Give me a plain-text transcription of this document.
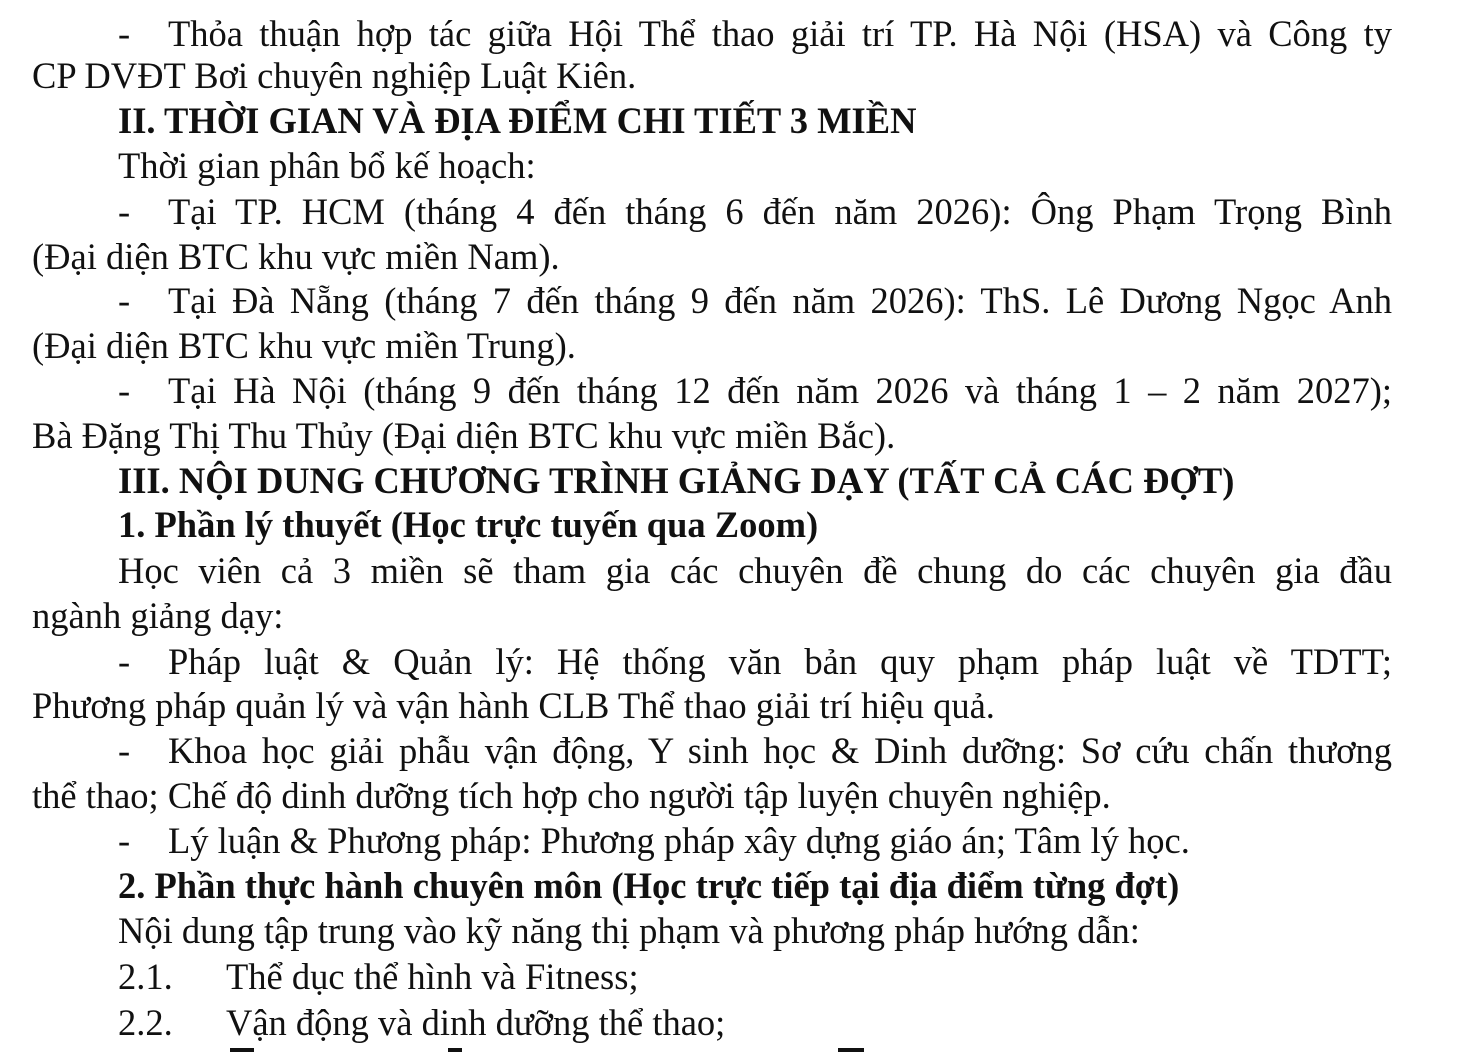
- Thỏa thuận hợp tác giữa Hội Thể thao giải trí TP. Hà Nội (HSA) và Công ty
CP DVĐT Bơi chuyên nghiệp Luật Kiên.
II. THỜI GIAN VÀ ĐỊA ĐIỂM CHI TIẾT 3 MIỀN
Thời gian phân bổ kế hoạch:
- Tại TP. HCM (tháng 4 đến tháng 6 đến năm 2026): Ông Phạm Trọng Bình
(Đại diện BTC khu vực miền Nam).
- Tại Đà Nẵng (tháng 7 đến tháng 9 đến năm 2026): ThS. Lê Dương Ngọc Anh
(Đại diện BTC khu vực miền Trung).
- Tại Hà Nội (tháng 9 đến tháng 12 đến năm 2026 và tháng 1 – 2 năm 2027);
Bà Đặng Thị Thu Thủy (Đại diện BTC khu vực miền Bắc).
III. NỘI DUNG CHƯƠNG TRÌNH GIẢNG DẠY (TẤT CẢ CÁC ĐỢT)
1. Phần lý thuyết (Học trực tuyến qua Zoom)
Học viên cả 3 miền sẽ tham gia các chuyên đề chung do các chuyên gia đầu
ngành giảng dạy:
- Pháp luật & Quản lý: Hệ thống văn bản quy phạm pháp luật về TDTT;
Phương pháp quản lý và vận hành CLB Thể thao giải trí hiệu quả.
- Khoa học giải phẫu vận động, Y sinh học & Dinh dưỡng: Sơ cứu chấn thương
thể thao; Chế độ dinh dưỡng tích hợp cho người tập luyện chuyên nghiệp.
- Lý luận & Phương pháp: Phương pháp xây dựng giáo án; Tâm lý học.
2. Phần thực hành chuyên môn (Học trực tiếp tại địa điểm từng đợt)
Nội dung tập trung vào kỹ năng thị phạm và phương pháp hướng dẫn:
2.1. Thể dục thể hình và Fitness;
2.2. Vận động và dinh dưỡng thể thao;
